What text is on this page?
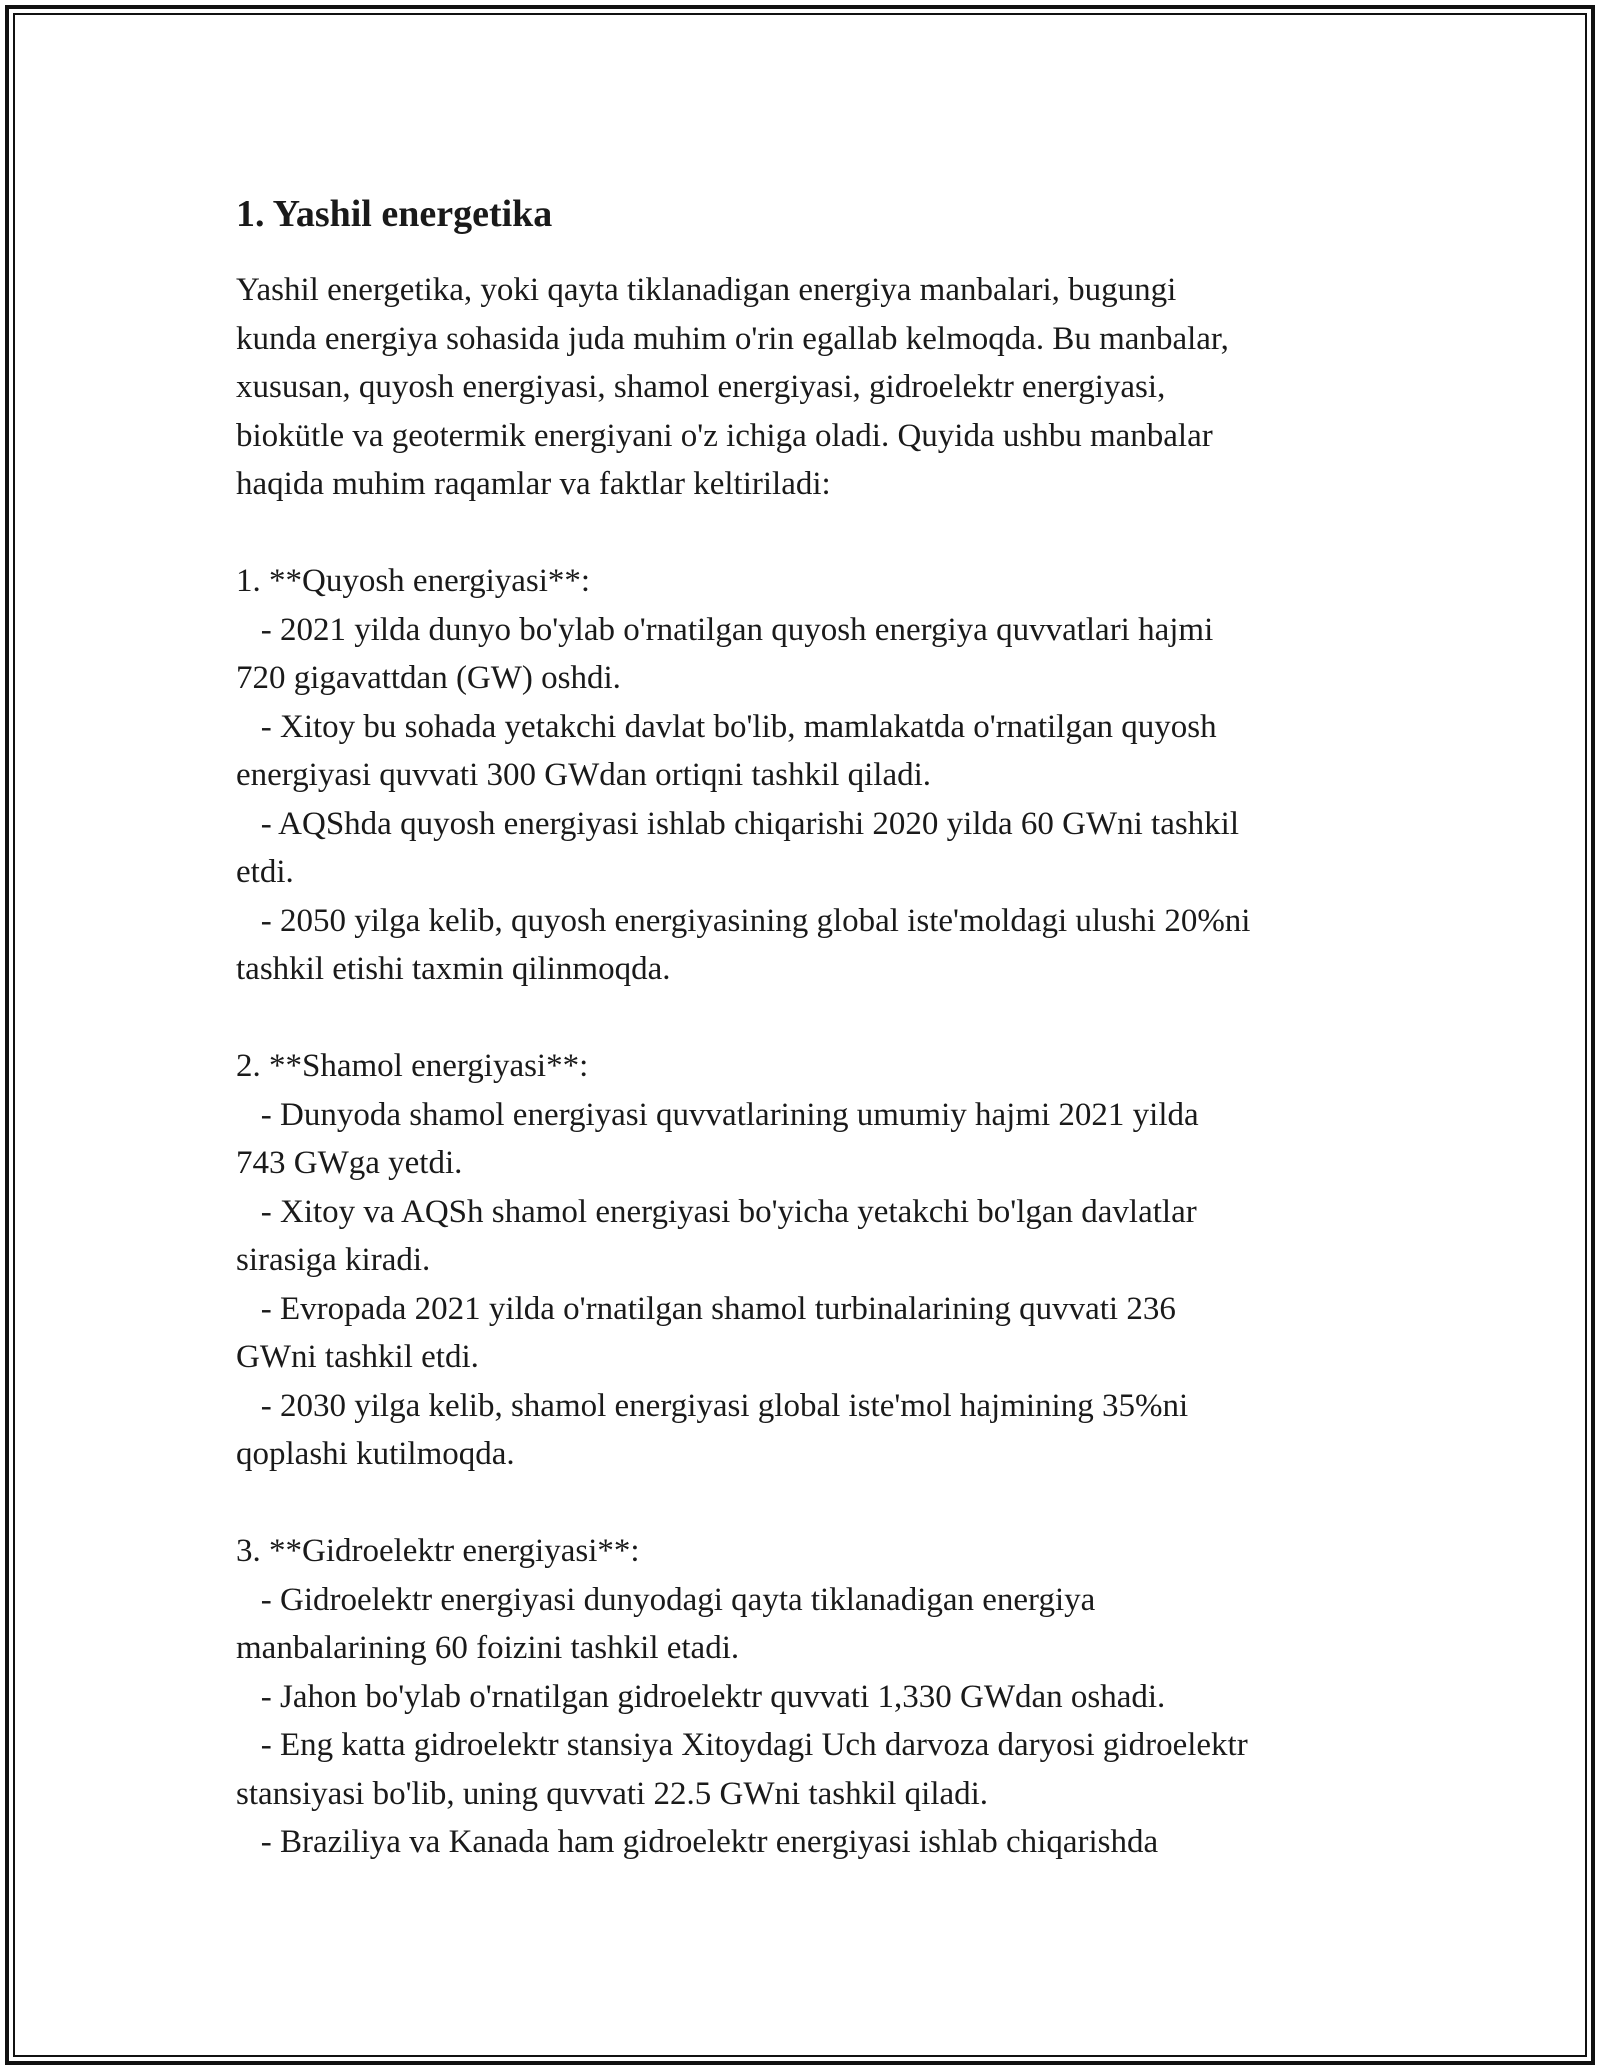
1. Yashil energetika

Yashil energetika, yoki qayta tiklanadigan energiya manbalari, bugungi
kunda energiya sohasida juda muhim o'rin egallab kelmoqda. Bu manbalar,
xususan, quyosh energiyasi, shamol energiyasi, gidroelektr energiyasi,
biokütle va geotermik energiyani o'z ichiga oladi. Quyida ushbu manbalar
haqida muhim raqamlar va faktlar keltiriladi:

1. **Quyosh energiyasi**:
- 2021 yilda dunyo bo'ylab o'rnatilgan quyosh energiya quvvatlari hajmi
720 gigavattdan (GW) oshdi.
- Xitoy bu sohada yetakchi davlat bo'lib, mamlakatda o'rnatilgan quyosh
energiyasi quvvati 300 GWdan ortiqni tashkil qiladi.
- AQShda quyosh energiyasi ishlab chiqarishi 2020 yilda 60 GWni tashkil
etdi.
- 2050 yilga kelib, quyosh energiyasining global iste'moldagi ulushi 20%ni
tashkil etishi taxmin qilinmoqda.

2. **Shamol energiyasi**:
- Dunyoda shamol energiyasi quvvatlarining umumiy hajmi 2021 yilda
743 GWga yetdi.
- Xitoy va AQSh shamol energiyasi bo'yicha yetakchi bo'lgan davlatlar
sirasiga kiradi.
- Evropada 2021 yilda o'rnatilgan shamol turbinalarining quvvati 236
GWni tashkil etdi.
- 2030 yilga kelib, shamol energiyasi global iste'mol hajmining 35%ni
qoplashi kutilmoqda.

3. **Gidroelektr energiyasi**:
- Gidroelektr energiyasi dunyodagi qayta tiklanadigan energiya
manbalarining 60 foizini tashkil etadi.
- Jahon bo'ylab o'rnatilgan gidroelektr quvvati 1,330 GWdan oshadi.
- Eng katta gidroelektr stansiya Xitoydagi Uch darvoza daryosi gidroelektr
stansiyasi bo'lib, uning quvvati 22.5 GWni tashkil qiladi.
- Braziliya va Kanada ham gidroelektr energiyasi ishlab chiqarishda
